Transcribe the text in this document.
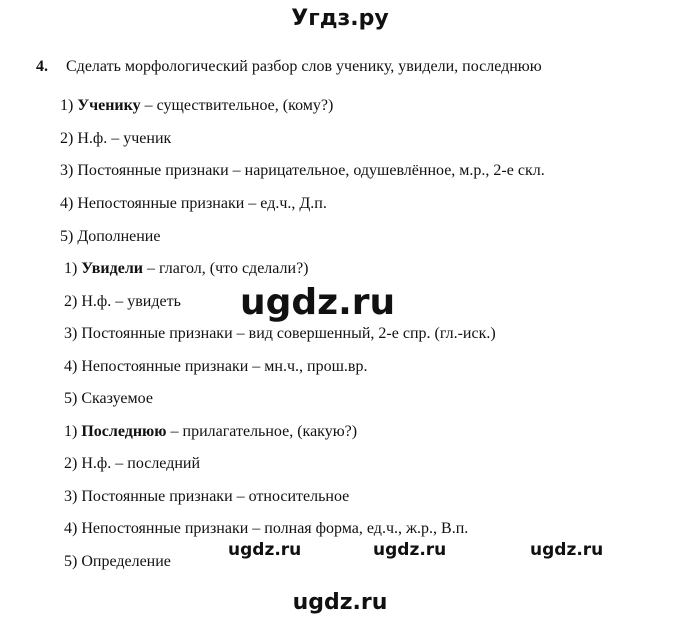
Угдз.ру
4. Сделать морфологический разбор слов ученику, увидели, последнюю
1) Ученику – существительное, (кому?)
2) Н.ф. – ученик
3) Постоянные признаки – нарицательное, одушевлённое, м.р., 2-е скл.
4) Непостоянные признаки – ед.ч., Д.п.
5) Дополнение
1) Увидели – глагол, (что сделали?)
2) Н.ф. – увидеть
3) Постоянные признаки – вид совершенный, 2-е спр. (гл.-иск.)
4) Непостоянные признаки – мн.ч., прош.вр.
5) Сказуемое
1) Последнюю – прилагательное, (какую?)
2) Н.ф. – последний
3) Постоянные признаки – относительное
4) Непостоянные признаки – полная форма, ед.ч., ж.р., В.п.
5) Определение
ugdz.ru
ugdz.ru	ugdz.ru	ugdz.ru
ugdz.ru
